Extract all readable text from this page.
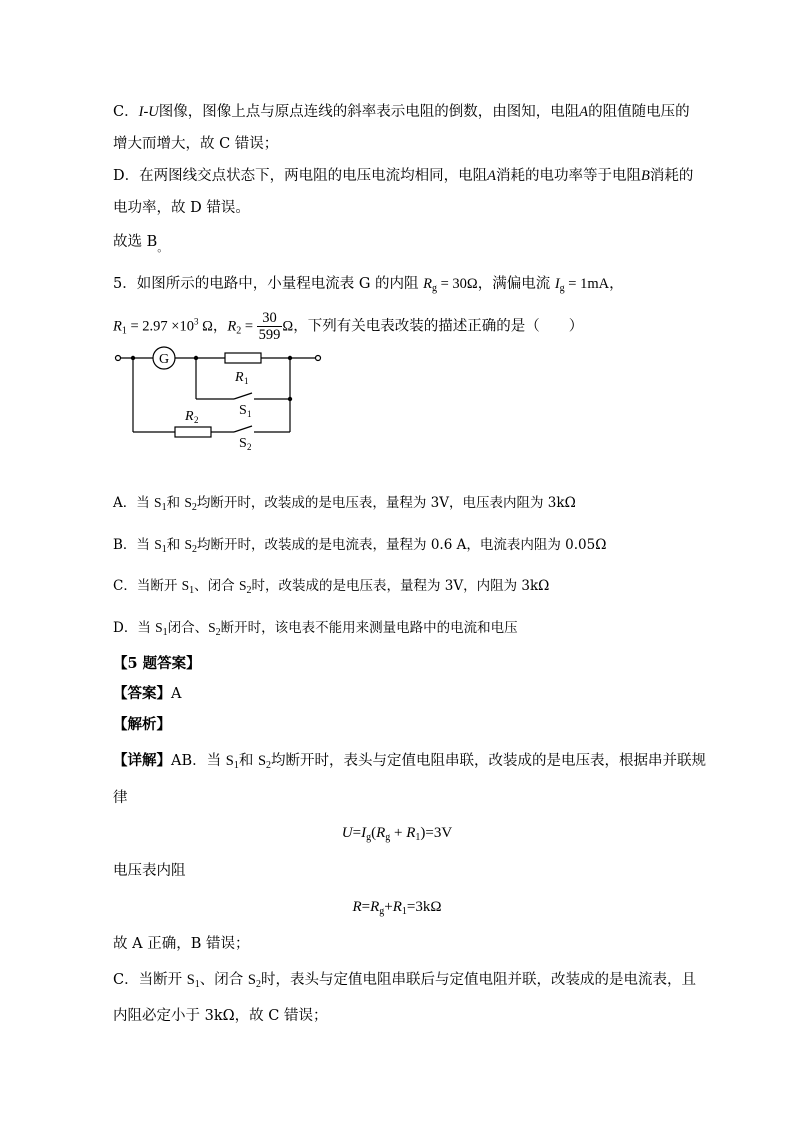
C．I-U图像，图像上点与原点连线的斜率表示电阻的倒数，由图知，电阻A的阻值随电压的
增大而增大，故 C 错误；
D．在两图线交点状态下，两电阻的电压电流均相同，电阻A消耗的电功率等于电阻B消耗的
电功率，故 D 错误。
故选 $B_。$
5．如图所示的电路中，小量程电流表 G 的内阻 $R_g = 30\Omega$，满偏电流 $I_g = 1mA$，
$R_1 = 2.97 \times 10^3$ Ω，$R_2 = \frac{30}{599}$ Ω，下列有关电表改装的描述正确的是（　　）
G
R 1
R 2
S 1
S 2
A．当 $S_1$和 $S_2$均断开时，改装成的是电压表，量程为 3V，电压表内阻为 3kΩ
B．当 $S_1$和 $S_2$均断开时，改装成的是电流表，量程为 0.6 A，电流表内阻为 0.05Ω
C．当断开 $S_1$、闭合 $S_2$时，改装成的是电压表，量程为 3V，内阻为 3kΩ
D．当 $S_1$闭合、$S_2$断开时，该电表不能用来测量电路中的电流和电压
【5 题答案】
【答案】A
【解析】
【详解】AB．当 $S_1$和 $S_2$均断开时，表头与定值电阻串联，改装成的是电压表，根据串并联规
律
$U=I_g(R_g + R_1)=3V$
电压表内阻
$R=R_g+R_1=3k\Omega$
故 A 正确，B 错误；
C．当断开 $S_1$、闭合 $S_2$时，表头与定值电阻串联后与定值电阻并联，改装成的是电流表，且
内阻必定小于 3kΩ，故 C 错误；
